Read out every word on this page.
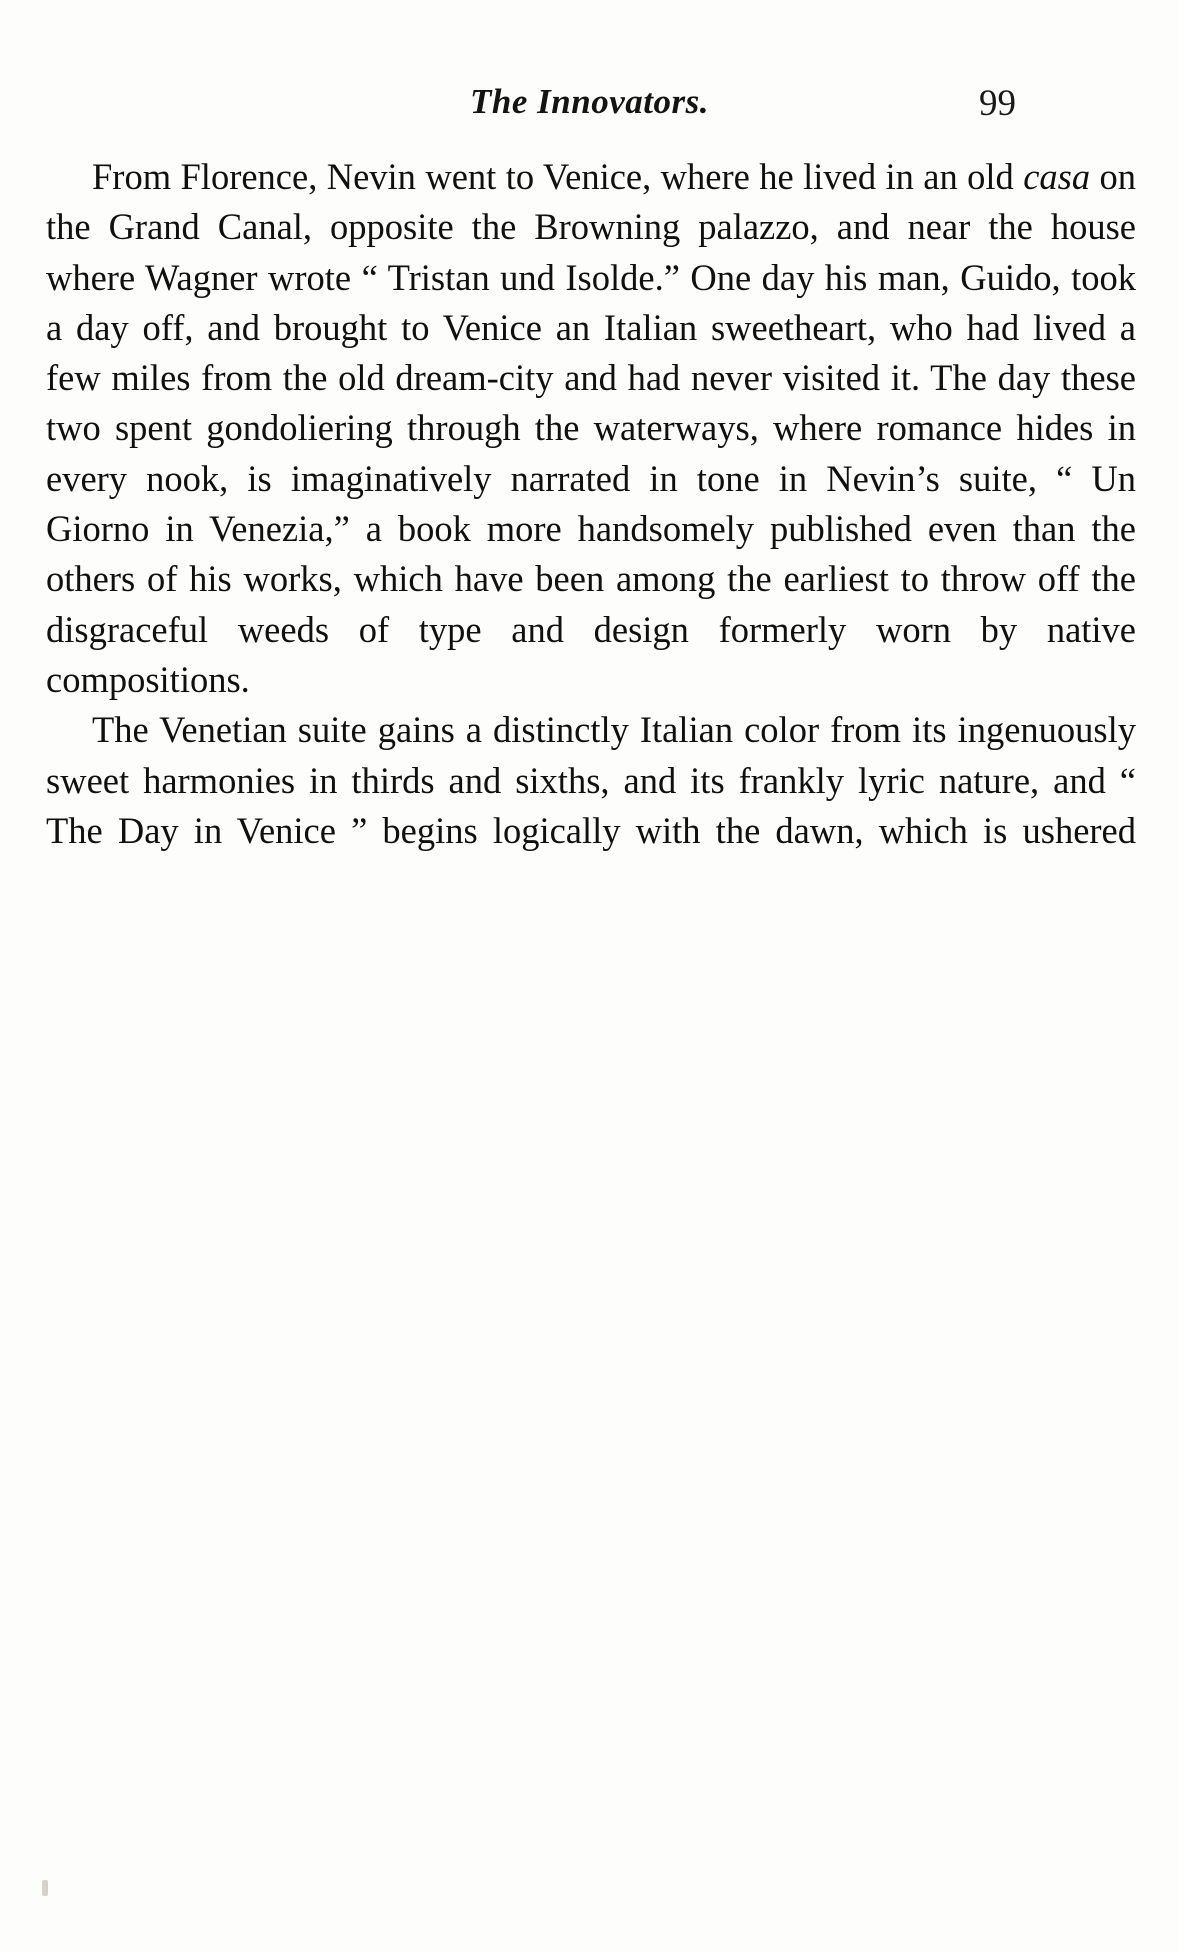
The Innovators.	99

From Florence, Nevin went to Venice, where he lived in an old casa on the Grand Canal, opposite the Browning palazzo, and near the house where Wagner wrote “ Tristan und Isolde.” One day his man, Guido, took a day off, and brought to Venice an Italian sweetheart, who had lived a few miles from the old dream-city and had never visited it. The day these two spent gondoliering through the waterways, where romance hides in every nook, is imaginatively narrated in tone in Nevin’s suite, “ Un Giorno in Venezia,” a book more handsomely published even than the others of his works, which have been among the earliest to throw off the disgraceful weeds of type and design formerly worn by native compositions.

The Venetian suite gains a distinctly Italian color from its ingenuously sweet harmonies in thirds and sixths, and its frankly lyric nature, and “ The Day in Venice ” begins logically with the dawn, which is ushered
